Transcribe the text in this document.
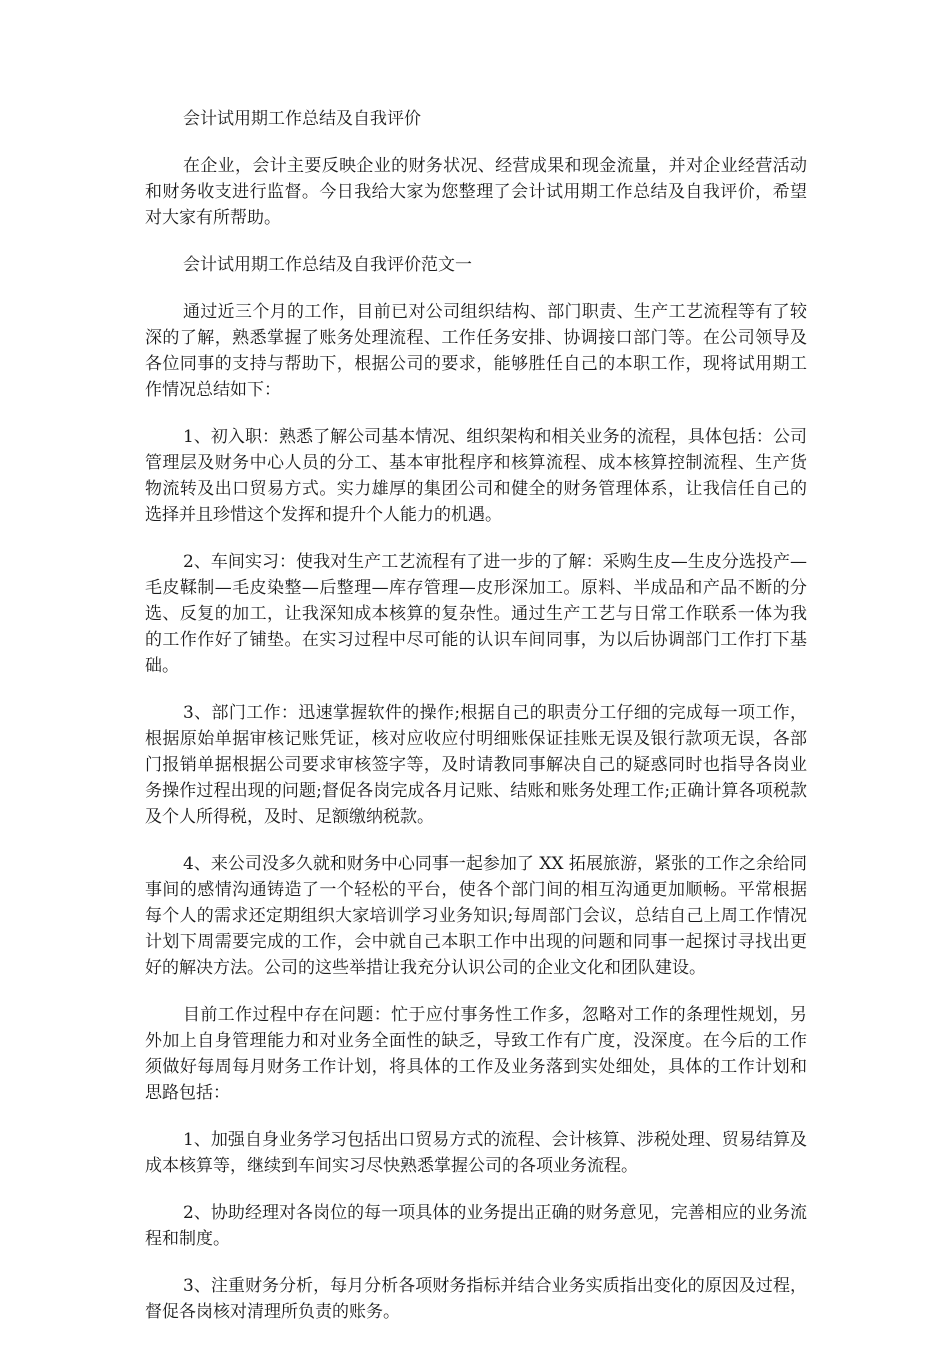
会计试用期工作总结及自我评价

在企业，会计主要反映企业的财务状况、经营成果和现金流量，并对企业经营活动和财务收支进行监督。今日我给大家为您整理了会计试用期工作总结及自我评价，希望对大家有所帮助。

会计试用期工作总结及自我评价范文一

通过近三个月的工作，目前已对公司组织结构、部门职责、生产工艺流程等有了较深的了解，熟悉掌握了账务处理流程、工作任务安排、协调接口部门等。在公司领导及各位同事的支持与帮助下，根据公司的要求，能够胜任自己的本职工作，现将试用期工作情况总结如下：

1、初入职：熟悉了解公司基本情况、组织架构和相关业务的流程，具体包括：公司管理层及财务中心人员的分工、基本审批程序和核算流程、成本核算控制流程、生产货物流转及出口贸易方式。实力雄厚的集团公司和健全的财务管理体系，让我信任自己的选择并且珍惜这个发挥和提升个人能力的机遇。

2、车间实习：使我对生产工艺流程有了进一步的了解：采购生皮—生皮分选投产—毛皮鞣制—毛皮染整—后整理—库存管理—皮形深加工。原料、半成品和产品不断的分选、反复的加工，让我深知成本核算的复杂性。通过生产工艺与日常工作联系一体为我的工作作好了铺垫。在实习过程中尽可能的认识车间同事，为以后协调部门工作打下基础。

3、部门工作：迅速掌握软件的操作;根据自己的职责分工仔细的完成每一项工作，根据原始单据审核记账凭证，核对应收应付明细账保证挂账无误及银行款项无误，各部门报销单据根据公司要求审核签字等，及时请教同事解决自己的疑惑同时也指导各岗业务操作过程出现的问题;督促各岗完成各月记账、结账和账务处理工作;正确计算各项税款及个人所得税，及时、足额缴纳税款。

4、来公司没多久就和财务中心同事一起参加了 XX 拓展旅游，紧张的工作之余给同事间的感情沟通铸造了一个轻松的平台，使各个部门间的相互沟通更加顺畅。平常根据每个人的需求还定期组织大家培训学习业务知识;每周部门会议，总结自己上周工作情况计划下周需要完成的工作，会中就自己本职工作中出现的问题和同事一起探讨寻找出更好的解决方法。公司的这些举措让我充分认识公司的企业文化和团队建设。

目前工作过程中存在问题：忙于应付事务性工作多，忽略对工作的条理性规划，另外加上自身管理能力和对业务全面性的缺乏，导致工作有广度，没深度。在今后的工作须做好每周每月财务工作计划，将具体的工作及业务落到实处细处，具体的工作计划和思路包括：

1、加强自身业务学习包括出口贸易方式的流程、会计核算、涉税处理、贸易结算及成本核算等，继续到车间实习尽快熟悉掌握公司的各项业务流程。

2、协助经理对各岗位的每一项具体的业务提出正确的财务意见，完善相应的业务流程和制度。

3、注重财务分析，每月分析各项财务指标并结合业务实质指出变化的原因及过程，督促各岗核对清理所负责的账务。
